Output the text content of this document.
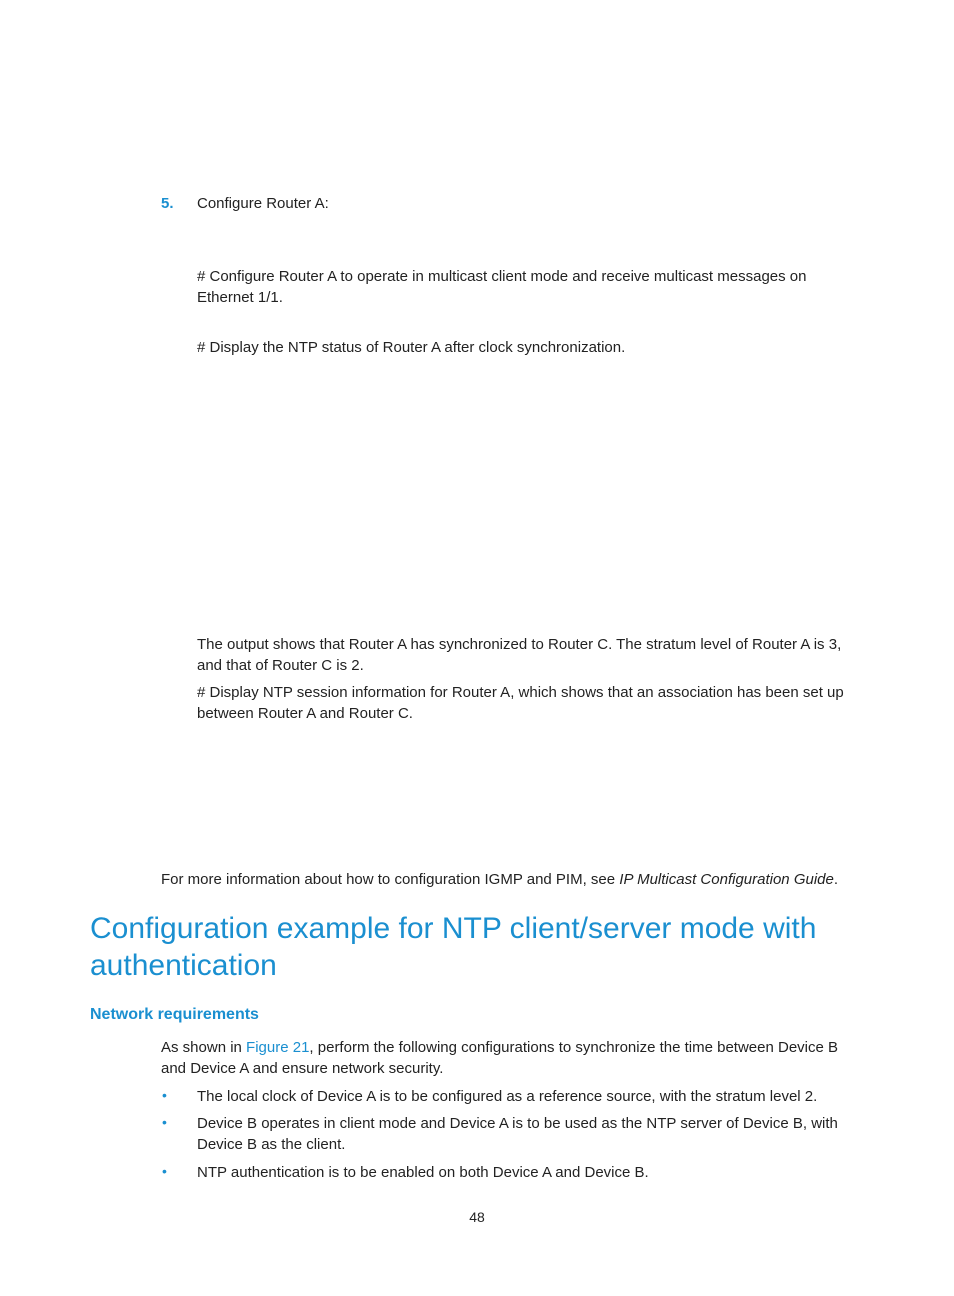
5. Configure Router A:
# Configure Router A to operate in multicast client mode and receive multicast messages on Ethernet 1/1.
# Display the NTP status of Router A after clock synchronization.
The output shows that Router A has synchronized to Router C. The stratum level of Router A is 3, and that of Router C is 2.
# Display NTP session information for Router A, which shows that an association has been set up between Router A and Router C.
For more information about how to configuration IGMP and PIM, see IP Multicast Configuration Guide.
Configuration example for NTP client/server mode with authentication
Network requirements
As shown in Figure 21, perform the following configurations to synchronize the time between Device B and Device A and ensure network security.
• The local clock of Device A is to be configured as a reference source, with the stratum level 2.
• Device B operates in client mode and Device A is to be used as the NTP server of Device B, with Device B as the client.
• NTP authentication is to be enabled on both Device A and Device B.
48
